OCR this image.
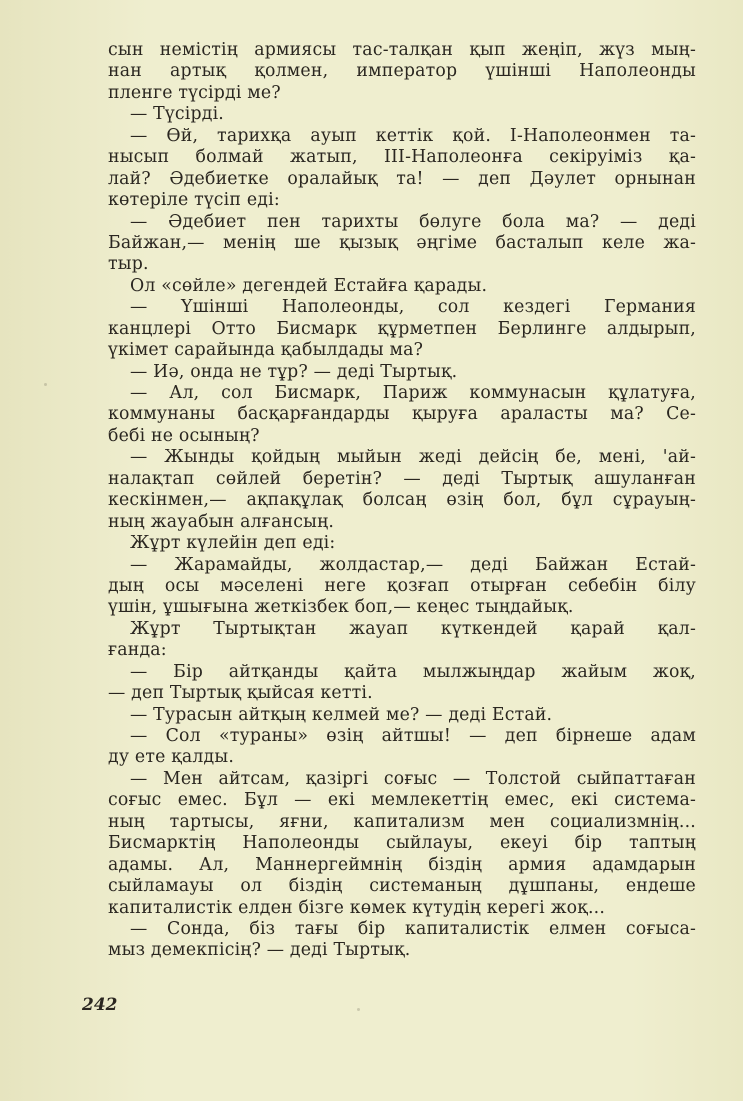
сын немістің армиясы тас-талқан қып жеңіп, жүз мың-
нан артық қолмен, император үшінші Наполеонды
пленге түсірді ме?
— Түсірді.
— Өй, тарихқа ауып кеттік қой. I-Наполеонмен та-
нысып болмай жатып, III-Наполеонға секіруіміз қа-
лай? Әдебиетке оралайық та! — деп Дәулет орнынан
көтеріле түсіп еді:
— Әдебиет пен тарихты бөлуге бола ма? — деді
Байжан,— менің ше қызық әңгіме басталып келе жа-
тыр.
Ол «сөйле» дегендей Естайға қарады.
— Үшінші Наполеонды, сол кездегі Германия
канцлері Отто Бисмарк құрметпен Берлинге алдырып,
үкімет сарайында қабылдады ма?
— Иә, онда не тұр? — деді Тыртық.
— Ал, сол Бисмарк, Париж коммунасын құлатуға,
коммунаны басқарғандарды қыруға араласты ма? Се-
бебі не осының?
— Жынды қойдың мыйын жеді дейсің бе, мені, 'ай-
налақтап сөйлей беретін? — деді Тыртық ашуланған
кескінмен,— ақпақұлақ болсаң өзің бол, бұл сұрауың-
ның жауабын алғансың.
Жұрт күлейін деп еді:
— Жарамайды, жолдастар,— деді Байжан Естай-
дың осы мәселені неге қозғап отырған себебін білу
үшін, ұшығына жеткізбек боп,— кеңес тыңдайық.
Жұрт Тыртықтан жауап күткендей қарай қал-
ғанда:
— Бір айтқанды қайта мылжыңдар жайым жоқ,
— деп Тыртық қыйсая кетті.
— Турасын айтқың келмей ме? — деді Естай.
— Сол «тураны» өзің айтшы! — деп бірнеше адам
ду ете қалды.
— Мен айтсам, қазіргі соғыс — Толстой сыйпаттаған
соғыс емес. Бұл — екі мемлекеттің емес, екі система-
ның тартысы, яғни, капитализм мен социализмнің...
Бисмарктің Наполеонды сыйлауы, екеуі бір таптың
адамы. Ал, Маннергеймнің біздің армия адамдарын
сыйламауы ол біздің системаның дұшпаны, ендеше
капиталистік елден бізге көмек күтудің керегі жоқ...
— Сонда, біз тағы бір капиталистік елмен соғыса-
мыз демекпісің? — деді Тыртық.
242
